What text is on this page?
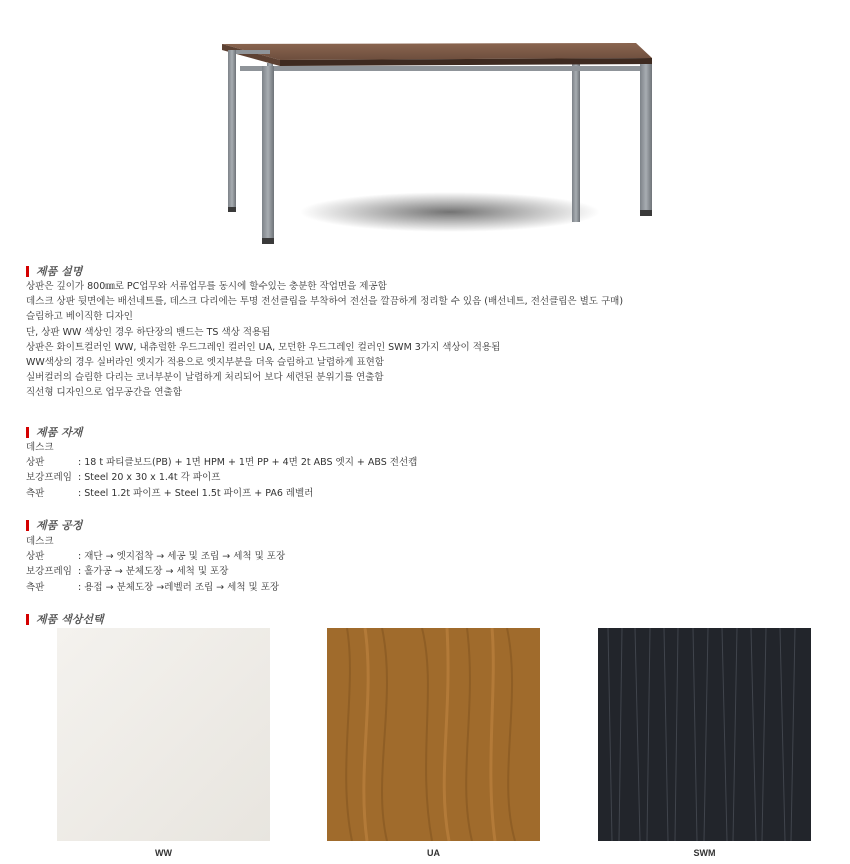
제품 설명
상판은 깊이가 800㎜로 PC업무와 서류업무를 동시에 할수있는 충분한 작업면을 제공함
데스크 상판 뒷면에는 배선네트를, 데스크 다리에는 투명 전선클립을 부착하여 전선을 깔끔하게 정리할 수 있음 (배선네트, 전선클립은 별도 구매)
슬림하고 베이직한 디자인
단, 상판 WW 색상인 경우 하단장의 밴드는 TS 색상 적용됨
상판은 화이트컬러인 WW, 내츄럴한 우드그레인 컬러인 UA, 모던한 우드그레인 컬러인 SWM 3가지 색상이 적용됨
WW색상의 경우 실버라인 엣지가 적용으로 엣지부분을 더욱 슬림하고 날렵하게 표현함
실버컬러의 슬림한 다리는 코너부분이 날렵하게 처리되어 보다 세련된 분위기를 연출함
직선형 디자인으로 업무공간을 연출함
제품 자재
데스크
상판	: 18 t 파티클보드(PB) + 1면 HPM + 1면 PP + 4면 2t ABS 엣지 + ABS 전선캡
보강프레임 : Steel 20 x 30 x 1.4t 각 파이프
측판	: Steel 1.2t 파이프 + Steel 1.5t 파이프 + PA6 레벨러
제품 공정
데스크
상판	: 재단 → 엣지접착 → 세공 및 조립 → 세척 및 포장
보강프레임 : 홀가공 → 분체도장 → 세척 및 포장
측판	: 용접 → 분체도장 →레벨러 조립 → 세척 및 포장
제품 색상선택
WW	UA	SWM
